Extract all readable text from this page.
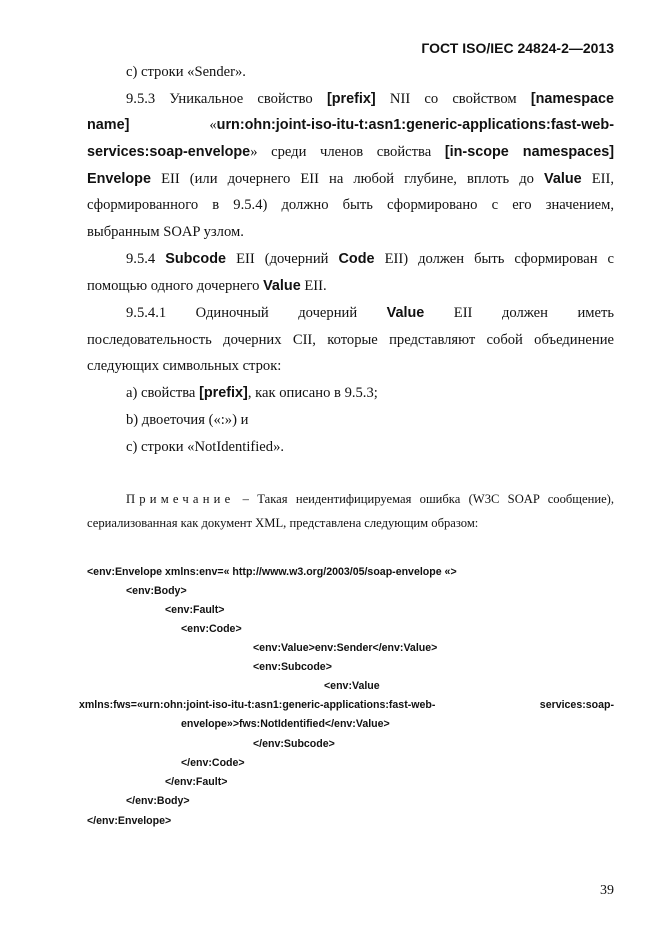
ГОСТ ISO/IEC 24824-2—2013
с) строки «Sender».
9.5.3 Уникальное свойство [prefix] NII со свойством [namespace
name]	«urn:ohn:joint-iso-itu-t:asn1:generic-applications:fast-web-
services:soap-envelope» среди членов свойства [in-scope namespaces]
Envelope EII (или дочернего EII на любой глубине, вплоть до Value EII,
сформированного в 9.5.4) должно быть сформировано с его значением,
выбранным SOAP узлом.
9.5.4 Subcode EII (дочерний Code EII) должен быть сформирован с
помощью одного дочернего Value EII.
9.5.4.1 Одиночный дочерний Value EII должен иметь
последовательность дочерних CII, которые представляют собой объединение
следующих символьных строк:
а) свойства [prefix], как описано в 9.5.3;
b) двоеточия («:») и
с) строки «NotIdentified».
Примечание – Такая неидентифицируемая ошибка (W3C SOAP сообщение),
сериализованная как документ XML, представлена следующим образом:
<env:Envelope xmlns:env=« http://www.w3.org/2003/05/soap-envelope «>
<env:Body>
<env:Fault>
<env:Code>
<env:Value>env:Sender</env:Value>
<env:Subcode>
<env:Value
xmlns:fws=«urn:ohn:joint-iso-itu-t:asn1:generic-applications:fast-web-	services:soap-
envelope»>fws:NotIdentified</env:Value>
</env:Subcode>
</env:Code>
</env:Fault>
</env:Body>
</env:Envelope>
39
